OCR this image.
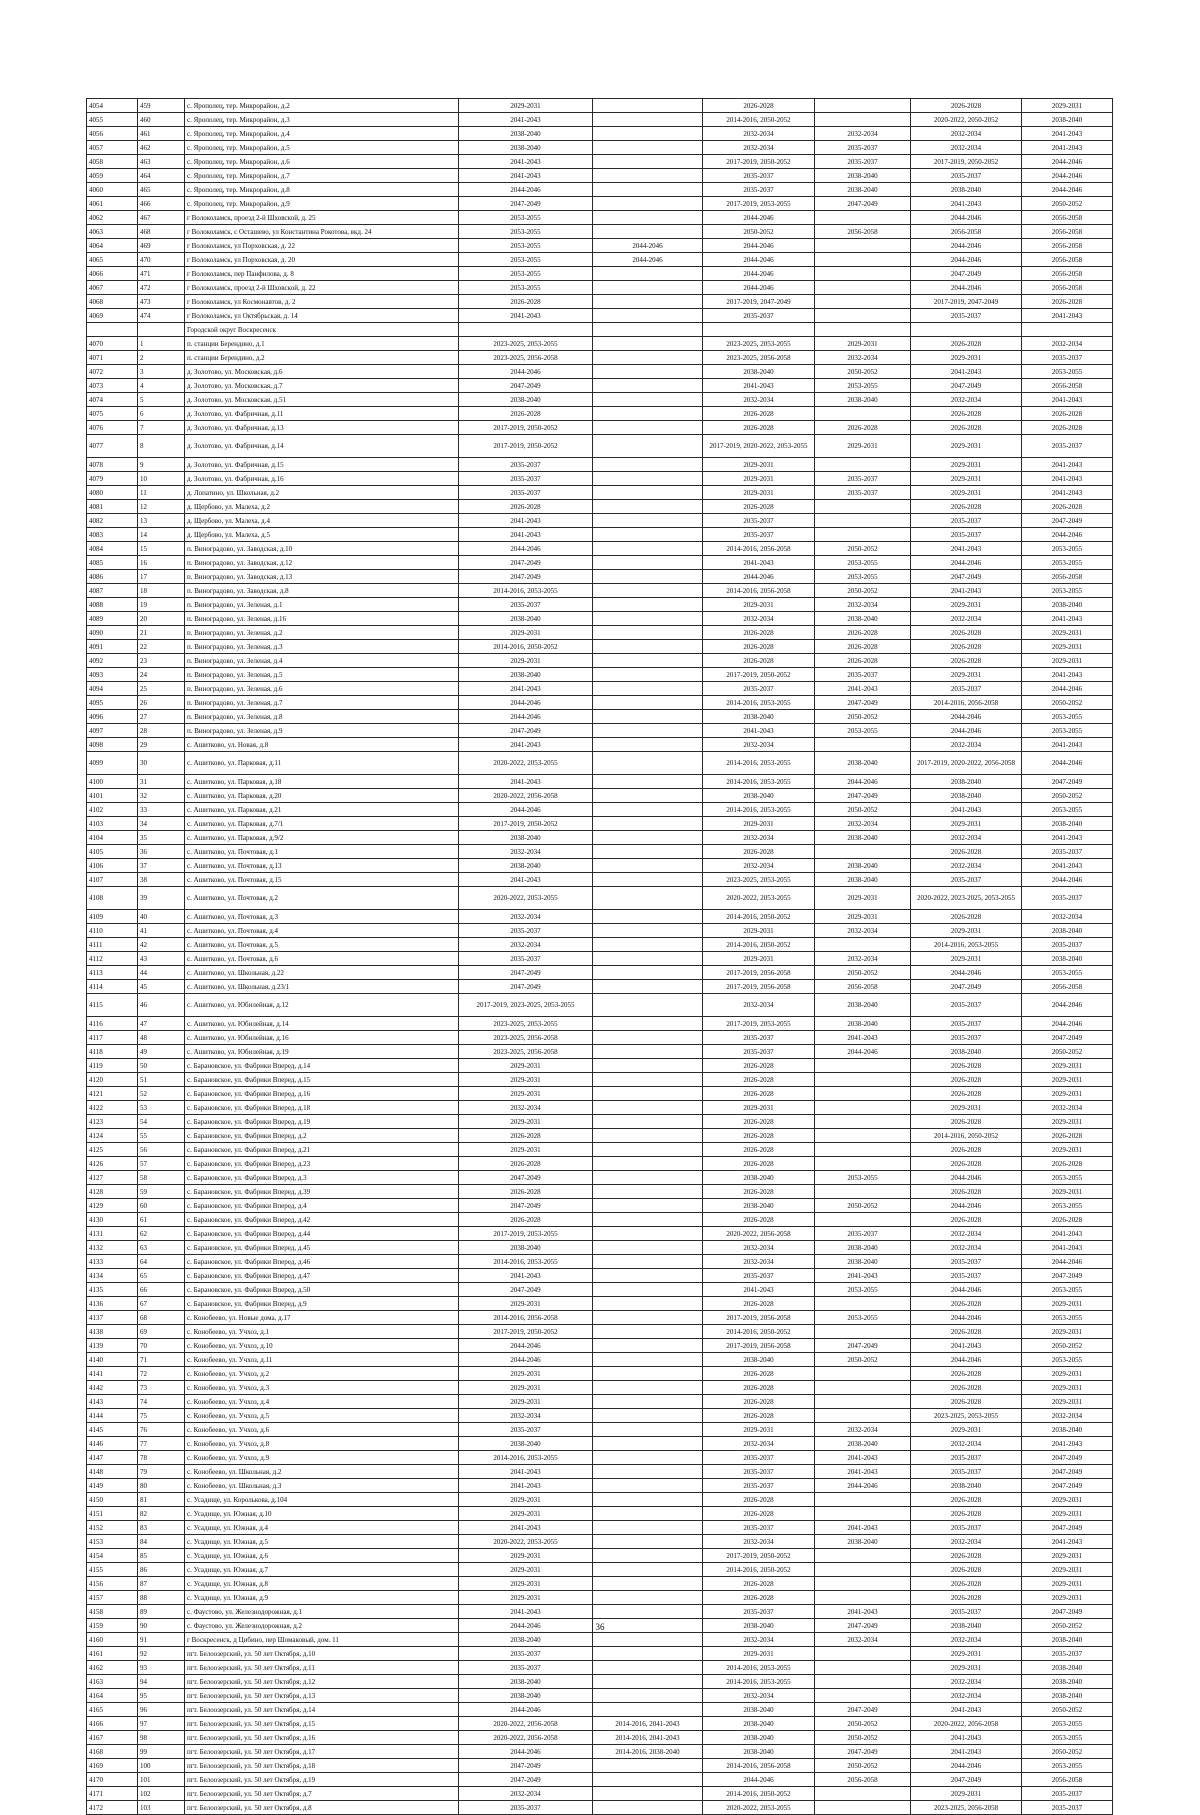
4054	459	с. Ярополец, тер. Микрорайон, д.2	2029-2031		2026-2028		2026-2028	2029-2031
4055	460	с. Ярополец, тер. Микрорайон, д.3	2041-2043		2014-2016, 2050-2052		2020-2022, 2050-2052	2038-2040
4056	461	с. Ярополец, тер. Микрорайон, д.4	2038-2040		2032-2034	2032-2034	2032-2034	2041-2043
4057	462	с. Ярополец, тер. Микрорайон, д.5	2038-2040		2032-2034	2035-2037	2032-2034	2041-2043
4058	463	с. Ярополец, тер. Микрорайон, д.6	2041-2043		2017-2019, 2050-2052	2035-2037	2017-2019, 2050-2052	2044-2046
4059	464	с. Ярополец, тер. Микрорайон, д.7	2041-2043		2035-2037	2038-2040	2035-2037	2044-2046
4060	465	с. Ярополец, тер. Микрорайон, д.8	2044-2046		2035-2037	2038-2040	2038-2040	2044-2046
4061	466	с. Ярополец, тер. Микрорайон, д.9	2047-2049		2017-2019, 2053-2055	2047-2049	2041-2043	2050-2052
4062	467	г Волоколамск, проезд 2-й Шховской, д. 25	2053-2055		2044-2046		2044-2046	2056-2058
4063	468	г Волоколамск, с Осташево, ул Константина Рокотова, вкд. 24	2053-2055		2050-2052	2056-2058	2056-2058	2056-2058
4064	469	г Волоколамск, ул Порховская, д. 22	2053-2055	2044-2046	2044-2046		2044-2046	2056-2058
4065	470	г Волоколамск, ул Порховская, д. 20	2053-2055	2044-2046	2044-2046		2044-2046	2056-2058
4066	471	г Волоколамск, пер Панфилова, д. 8	2053-2055		2044-2046		2047-2049	2056-2058
4067	472	г Волоколамск, проезд 2-й Шховской, д. 22	2053-2055		2044-2046		2044-2046	2056-2058
4068	473	г Волоколамск, ул Космонавтов, д. 2	2026-2028		2017-2019, 2047-2049		2017-2019, 2047-2049	2026-2028
4069	474	г Волоколамск, ул Октябрьская, д. 14	2041-2043		2035-2037		2035-2037	2041-2043
		Городской округ Воскресенск						
4070	1	п. станции Берендино, д.1	2023-2025, 2053-2055		2023-2025, 2053-2055	2029-2031	2026-2028	2032-2034
4071	2	п. станции Берендино, д.2	2023-2025, 2056-2058		2023-2025, 2056-2058	2032-2034	2029-2031	2035-2037
4072	3	д. Золотово, ул. Московская, д.6	2044-2046		2038-2040	2050-2052	2041-2043	2053-2055
4073	4	д. Золотово, ул. Московская, д.7	2047-2049		2041-2043	2053-2055	2047-2049	2056-2058
4074	5	д. Золотово, ул. Московская, д.51	2038-2040		2032-2034	2038-2040	2032-2034	2041-2043
4075	6	д. Золотово, ул. Фабричная, д.11	2026-2028		2026-2028		2026-2028	2026-2028
4076	7	д. Золотово, ул. Фабричная, д.13	2017-2019, 2050-2052		2026-2028	2026-2028	2026-2028	2026-2028
4077	8	д. Золотово, ул. Фабричная, д.14	2017-2019, 2050-2052		2017-2019, 2020-2022, 2053-2055	2029-2031	2029-2031	2035-2037
4078	9	д. Золотово, ул. Фабричная, д.15	2035-2037		2029-2031		2029-2031	2041-2043
4079	10	д. Золотово, ул. Фабричная, д.16	2035-2037		2029-2031	2035-2037	2029-2031	2041-2043
4080	11	д. Лопатино, ул. Школьная, д.2	2035-2037		2029-2031	2035-2037	2029-2031	2041-2043
4081	12	д. Щербово, ул. Малеха, д.2	2026-2028		2026-2028		2026-2028	2026-2028
4082	13	д. Щербово, ул. Малеха, д.4	2041-2043		2035-2037		2035-2037	2047-2049
4083	14	д. Щербово, ул. Малеха, д.5	2041-2043		2035-2037		2035-2037	2044-2046
4084	15	п. Виноградово, ул. Заводская, д.10	2044-2046		2014-2016, 2056-2058	2050-2052	2041-2043	2053-2055
4085	16	п. Виноградово, ул. Заводская, д.12	2047-2049		2041-2043	2053-2055	2044-2046	2053-2055
4086	17	п. Виноградово, ул. Заводская, д.13	2047-2049		2044-2046	2053-2055	2047-2049	2056-2058
4087	18	п. Виноградово, ул. Заводская, д.8	2014-2016, 2053-2055		2014-2016, 2056-2058	2050-2052	2041-2043	2053-2055
4088	19	п. Виноградово, ул. Зеленая, д.1	2035-2037		2029-2031	2032-2034	2029-2031	2038-2040
4089	20	п. Виноградово, ул. Зеленая, д.16	2038-2040		2032-2034	2038-2040	2032-2034	2041-2043
4090	21	п. Виноградово, ул. Зеленая, д.2	2029-2031		2026-2028	2026-2028	2026-2028	2029-2031
4091	22	п. Виноградово, ул. Зеленая, д.3	2014-2016, 2050-2052		2026-2028	2026-2028	2026-2028	2029-2031
4092	23	п. Виноградово, ул. Зеленая, д.4	2029-2031		2026-2028	2026-2028	2026-2028	2029-2031
4093	24	п. Виноградово, ул. Зеленая, д.5	2038-2040		2017-2019, 2050-2052	2035-2037	2029-2031	2041-2043
4094	25	п. Виноградово, ул. Зеленая, д.6	2041-2043		2035-2037	2041-2043	2035-2037	2044-2046
4095	26	п. Виноградово, ул. Зеленая, д.7	2044-2046		2014-2016, 2053-2055	2047-2049	2014-2016, 2056-2058	2050-2052
4096	27	п. Виноградово, ул. Зеленая, д.8	2044-2046		2038-2040	2050-2052	2044-2046	2053-2055
4097	28	п. Виноградово, ул. Зеленая, д.9	2047-2049		2041-2043	2053-2055	2044-2046	2053-2055
4098	29	с. Ашитково, ул. Новая, д.8	2041-2043		2032-2034		2032-2034	2041-2043
4099	30	с. Ашитково, ул. Парковая, д.11	2020-2022, 2053-2055		2014-2016, 2053-2055	2038-2040	2017-2019, 2020-2022, 2056-2058	2044-2046
4100	31	с. Ашитково, ул. Парковая, д.18	2041-2043		2014-2016, 2053-2055	2044-2046	2038-2040	2047-2049
4101	32	с. Ашитково, ул. Парковая, д.20	2020-2022, 2056-2058		2038-2040	2047-2049	2038-2040	2050-2052
4102	33	с. Ашитково, ул. Парковая, д.21	2044-2046		2014-2016, 2053-2055	2050-2052	2041-2043	2053-2055
4103	34	с. Ашитково, ул. Парковая, д.7/1	2017-2019, 2050-2052		2029-2031	2032-2034	2029-2031	2038-2040
4104	35	с. Ашитково, ул. Парковая, д.9/2	2038-2040		2032-2034	2038-2040	2032-2034	2041-2043
4105	36	с. Ашитково, ул. Почтовая, д.1	2032-2034		2026-2028		2026-2028	2035-2037
4106	37	с. Ашитково, ул. Почтовая, д.13	2038-2040		2032-2034	2038-2040	2032-2034	2041-2043
4107	38	с. Ашитково, ул. Почтовая, д.15	2041-2043		2023-2025, 2053-2055	2038-2040	2035-2037	2044-2046
4108	39	с. Ашитково, ул. Почтовая, д.2	2020-2022, 2053-2055		2020-2022, 2053-2055	2029-2031	2020-2022, 2023-2025, 2053-2055	2035-2037
4109	40	с. Ашитково, ул. Почтовая, д.3	2032-2034		2014-2016, 2050-2052	2029-2031	2026-2028	2032-2034
4110	41	с. Ашитково, ул. Почтовая, д.4	2035-2037		2029-2031	2032-2034	2029-2031	2038-2040
4111	42	с. Ашитково, ул. Почтовая, д.5	2032-2034		2014-2016, 2050-2052		2014-2016, 2053-2055	2035-2037
4112	43	с. Ашитково, ул. Почтовая, д.6	2035-2037		2029-2031	2032-2034	2029-2031	2038-2040
4113	44	с. Ашитково, ул. Школьная, д.22	2047-2049		2017-2019, 2056-2058	2050-2052	2044-2046	2053-2055
4114	45	с. Ашитково, ул. Школьная, д.23/1	2047-2049		2017-2019, 2056-2058	2056-2058	2047-2049	2056-2058
4115	46	с. Ашитково, ул. Юбилейная, д.12	2017-2019, 2023-2025, 2053-2055		2032-2034	2038-2040	2035-2037	2044-2046
4116	47	с. Ашитково, ул. Юбилейная, д.14	2023-2025, 2053-2055		2017-2019, 2053-2055	2038-2040	2035-2037	2044-2046
4117	48	с. Ашитково, ул. Юбилейная, д.16	2023-2025, 2056-2058		2035-2037	2041-2043	2035-2037	2047-2049
4118	49	с. Ашитково, ул. Юбилейная, д.19	2023-2025, 2056-2058		2035-2037	2044-2046	2038-2040	2050-2052
4119	50	с. Барановское, ул. Фабрики Вперед, д.14	2029-2031		2026-2028		2026-2028	2029-2031
4120	51	с. Барановское, ул. Фабрики Вперед, д.15	2029-2031		2026-2028		2026-2028	2029-2031
4121	52	с. Барановское, ул. Фабрики Вперед, д.16	2029-2031		2026-2028		2026-2028	2029-2031
4122	53	с. Барановское, ул. Фабрики Вперед, д.18	2032-2034		2029-2031		2029-2031	2032-2034
4123	54	с. Барановское, ул. Фабрики Вперед, д.19	2029-2031		2026-2028		2026-2028	2029-2031
4124	55	с. Барановское, ул. Фабрики Вперед, д.2	2026-2028		2026-2028		2014-2016, 2050-2052	2026-2028
4125	56	с. Барановское, ул. Фабрики Вперед, д.21	2029-2031		2026-2028		2026-2028	2029-2031
4126	57	с. Барановское, ул. Фабрики Вперед, д.23	2026-2028		2026-2028		2026-2028	2026-2028
4127	58	с. Барановское, ул. Фабрики Вперед, д.3	2047-2049		2038-2040	2053-2055	2044-2046	2053-2055
4128	59	с. Барановское, ул. Фабрики Вперед, д.39	2026-2028		2026-2028		2026-2028	2029-2031
4129	60	с. Барановское, ул. Фабрики Вперед, д.4	2047-2049		2038-2040	2050-2052	2044-2046	2053-2055
4130	61	с. Барановское, ул. Фабрики Вперед, д.42	2026-2028		2026-2028		2026-2028	2026-2028
4131	62	с. Барановское, ул. Фабрики Вперед, д.44	2017-2019, 2053-2055		2020-2022, 2056-2058	2035-2037	2032-2034	2041-2043
4132	63	с. Барановское, ул. Фабрики Вперед, д.45	2038-2040		2032-2034	2038-2040	2032-2034	2041-2043
4133	64	с. Барановское, ул. Фабрики Вперед, д.46	2014-2016, 2053-2055		2032-2034	2038-2040	2035-2037	2044-2046
4134	65	с. Барановское, ул. Фабрики Вперед, д.47	2041-2043		2035-2037	2041-2043	2035-2037	2047-2049
4135	66	с. Барановское, ул. Фабрики Вперед, д.50	2047-2049		2041-2043	2053-2055	2044-2046	2053-2055
4136	67	с. Барановское, ул. Фабрики Вперед, д.9	2029-2031		2026-2028		2026-2028	2029-2031
4137	68	с. Конобеево, ул. Новые дома, д.17	2014-2016, 2056-2058		2017-2019, 2056-2058	2053-2055	2044-2046	2053-2055
4138	69	с. Конобеево, ул. Учхоз, д.1	2017-2019, 2050-2052		2014-2016, 2050-2052		2026-2028	2029-2031
4139	70	с. Конобеево, ул. Учхоз, д.10	2044-2046		2017-2019, 2056-2058	2047-2049	2041-2043	2050-2052
4140	71	с. Конобеево, ул. Учхоз, д.11	2044-2046		2038-2040	2050-2052	2044-2046	2053-2055
4141	72	с. Конобеево, ул. Учхоз, д.2	2029-2031		2026-2028		2026-2028	2029-2031
4142	73	с. Конобеево, ул. Учхоз, д.3	2029-2031		2026-2028		2026-2028	2029-2031
4143	74	с. Конобеево, ул. Учхоз, д.4	2029-2031		2026-2028		2026-2028	2029-2031
4144	75	с. Конобеево, ул. Учхоз, д.5	2032-2034		2026-2028		2023-2025, 2053-2055	2032-2034
4145	76	с. Конобеево, ул. Учхоз, д.6	2035-2037		2029-2031	2032-2034	2029-2031	2038-2040
4146	77	с. Конобеево, ул. Учхоз, д.8	2038-2040		2032-2034	2038-2040	2032-2034	2041-2043
4147	78	с. Конобеево, ул. Учхоз, д.9	2014-2016, 2053-2055		2035-2037	2041-2043	2035-2037	2047-2049
4148	79	с. Конобеево, ул. Школьная, д.2	2041-2043		2035-2037	2041-2043	2035-2037	2047-2049
4149	80	с. Конобеево, ул. Школьная, д.3	2041-2043		2035-2037	2044-2046	2038-2040	2047-2049
4150	81	с. Усадище, ул. Королькова, д.104	2029-2031		2026-2028		2026-2028	2029-2031
4151	82	с. Усадище, ул. Южная, д.10	2029-2031		2026-2028		2026-2028	2029-2031
4152	83	с. Усадище, ул. Южная, д.4	2041-2043		2035-2037	2041-2043	2035-2037	2047-2049
4153	84	с. Усадище, ул. Южная, д.5	2020-2022, 2053-2055		2032-2034	2038-2040	2032-2034	2041-2043
4154	85	с. Усадище, ул. Южная, д.6	2029-2031		2017-2019, 2050-2052		2026-2028	2029-2031
4155	86	с. Усадище, ул. Южная, д.7	2029-2031		2014-2016, 2050-2052		2026-2028	2029-2031
4156	87	с. Усадище, ул. Южная, д.8	2029-2031		2026-2028		2026-2028	2029-2031
4157	88	с. Усадище, ул. Южная, д.9	2029-2031		2026-2028		2026-2028	2029-2031
4158	89	с. Фаустово, ул. Железнодорожная, д.1	2041-2043		2035-2037	2041-2043	2035-2037	2047-2049
4159	90	с. Фаустово, ул. Железнодорожная, д.2	2044-2046		2038-2040	2047-2049	2038-2040	2050-2052
4160	91	г Воскресенск, д Цибино, пер Шомаковый, дом. 11	2038-2040		2032-2034	2032-2034	2032-2034	2038-2040
4161	92	пгт. Белоозерский, ул. 50 лет Октября, д.10	2035-2037		2029-2031		2029-2031	2035-2037
4162	93	пгт. Белоозерский, ул. 50 лет Октября, д.11	2035-2037		2014-2016, 2053-2055		2029-2031	2038-2040
4163	94	пгт. Белоозерский, ул. 50 лет Октября, д.12	2038-2040		2014-2016, 2053-2055		2032-2034	2038-2040
4164	95	пгт. Белоозерский, ул. 50 лет Октября, д.13	2038-2040		2032-2034		2032-2034	2038-2040
4165	96	пгт. Белоозерский, ул. 50 лет Октября, д.14	2044-2046		2038-2040	2047-2049	2041-2043	2050-2052
4166	97	пгт. Белоозерский, ул. 50 лет Октября, д.15	2020-2022, 2056-2058	2014-2016, 2041-2043	2038-2040	2050-2052	2020-2022, 2056-2058	2053-2055
4167	98	пгт. Белоозерский, ул. 50 лет Октября, д.16	2020-2022, 2056-2058	2014-2016, 2041-2043	2038-2040	2050-2052	2041-2043	2053-2055
4168	99	пгт. Белоозерский, ул. 50 лет Октября, д.17	2044-2046	2014-2016, 2038-2040	2038-2040	2047-2049	2041-2043	2050-2052
4169	100	пгт. Белоозерский, ул. 50 лет Октября, д.18	2047-2049		2014-2016, 2056-2058	2050-2052	2044-2046	2053-2055
4170	101	пгт. Белоозерский, ул. 50 лет Октября, д.19	2047-2049		2044-2046	2056-2058	2047-2049	2056-2058
4171	102	пгт. Белоозерский, ул. 50 лет Октября, д.7	2032-2034		2014-2016, 2050-2052		2029-2031	2035-2037
4172	103	пгт. Белоозерский, ул. 50 лет Октября, д.8	2035-2037		2020-2022, 2053-2055		2023-2025, 2056-2058	2035-2037
36
